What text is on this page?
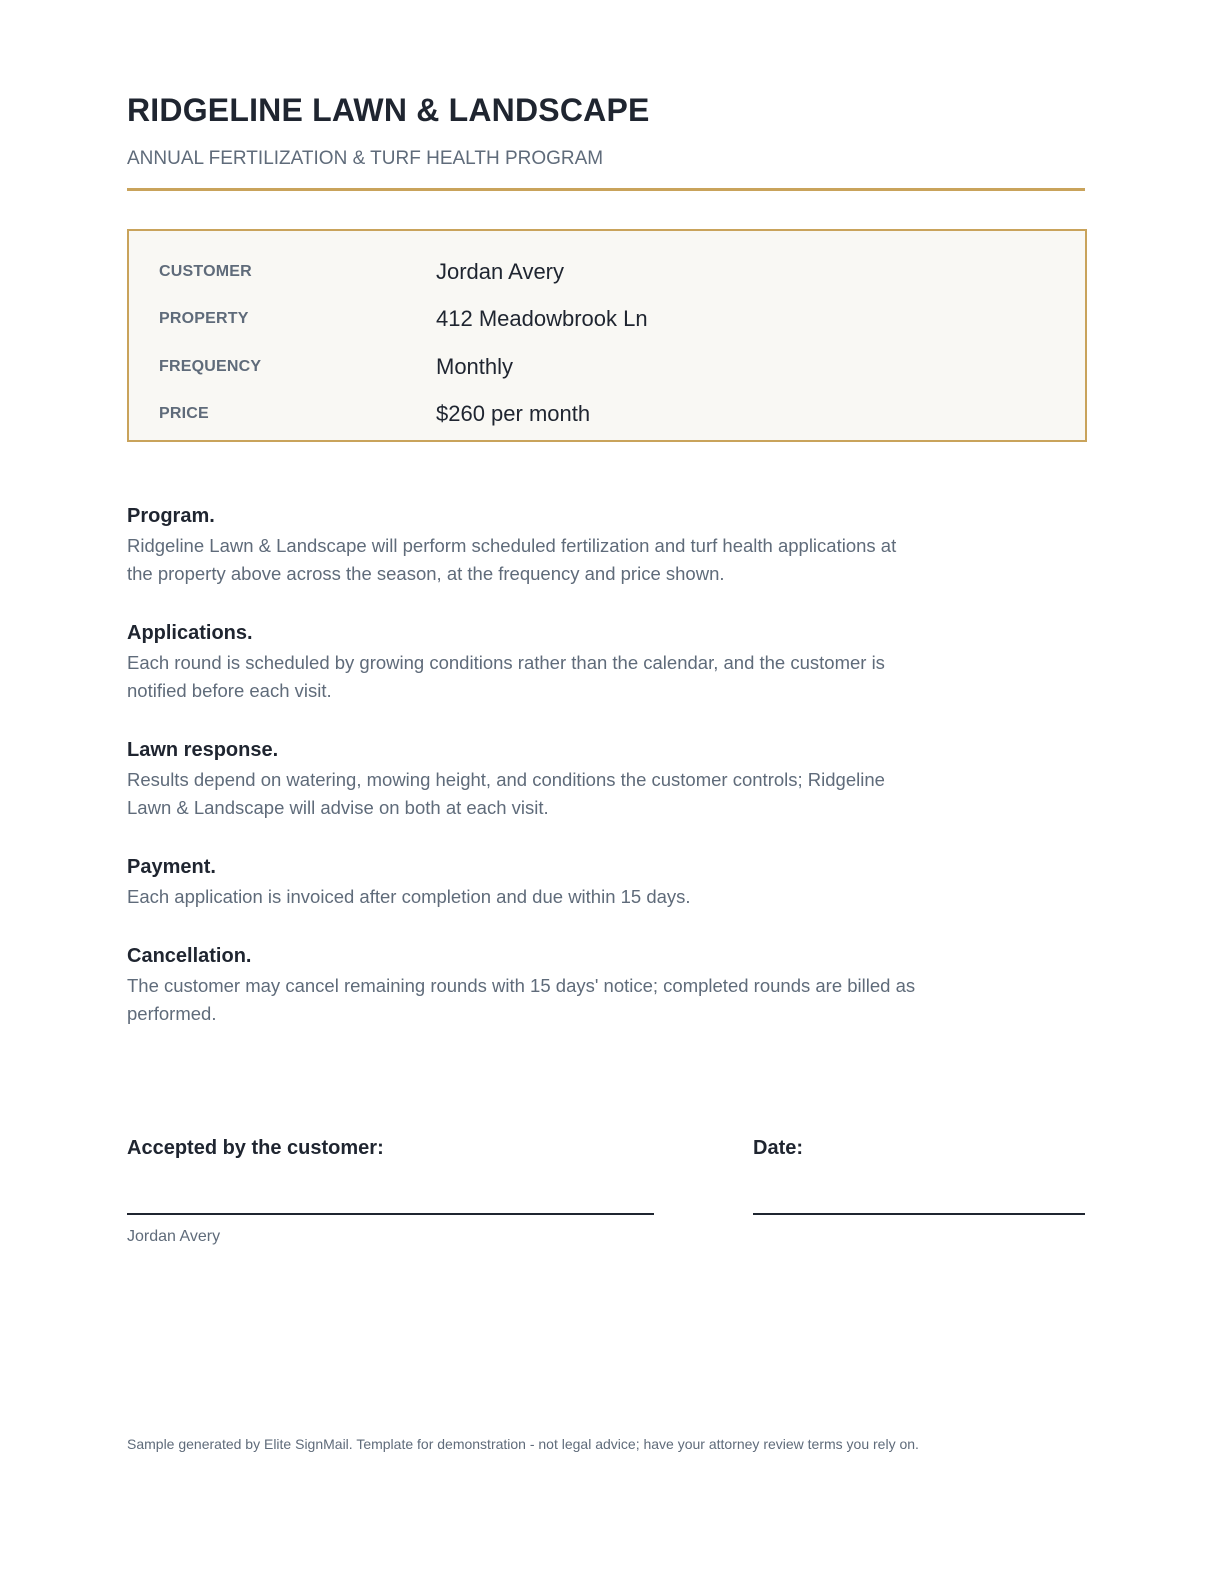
RIDGELINE LAWN & LANDSCAPE
ANNUAL FERTILIZATION & TURF HEALTH PROGRAM
CUSTOMER	Jordan Avery
PROPERTY	412 Meadowbrook Ln
FREQUENCY	Monthly
PRICE	$260 per month

Program.

Ridgeline Lawn & Landscape will perform scheduled fertilization and turf health applications at the property above across the season, at the frequency and price shown.

Applications.

Each round is scheduled by growing conditions rather than the calendar, and the customer is notified before each visit.

Lawn response.

Results depend on watering, mowing height, and conditions the customer controls; Ridgeline Lawn & Landscape will advise on both at each visit.

Payment.

Each application is invoiced after completion and due within 15 days.

Cancellation.

The customer may cancel remaining rounds with 15 days' notice; completed rounds are billed as performed.

Accepted by the customer:	Date:
Jordan Avery
Sample generated by Elite SignMail. Template for demonstration - not legal advice; have your attorney review terms you rely on.
